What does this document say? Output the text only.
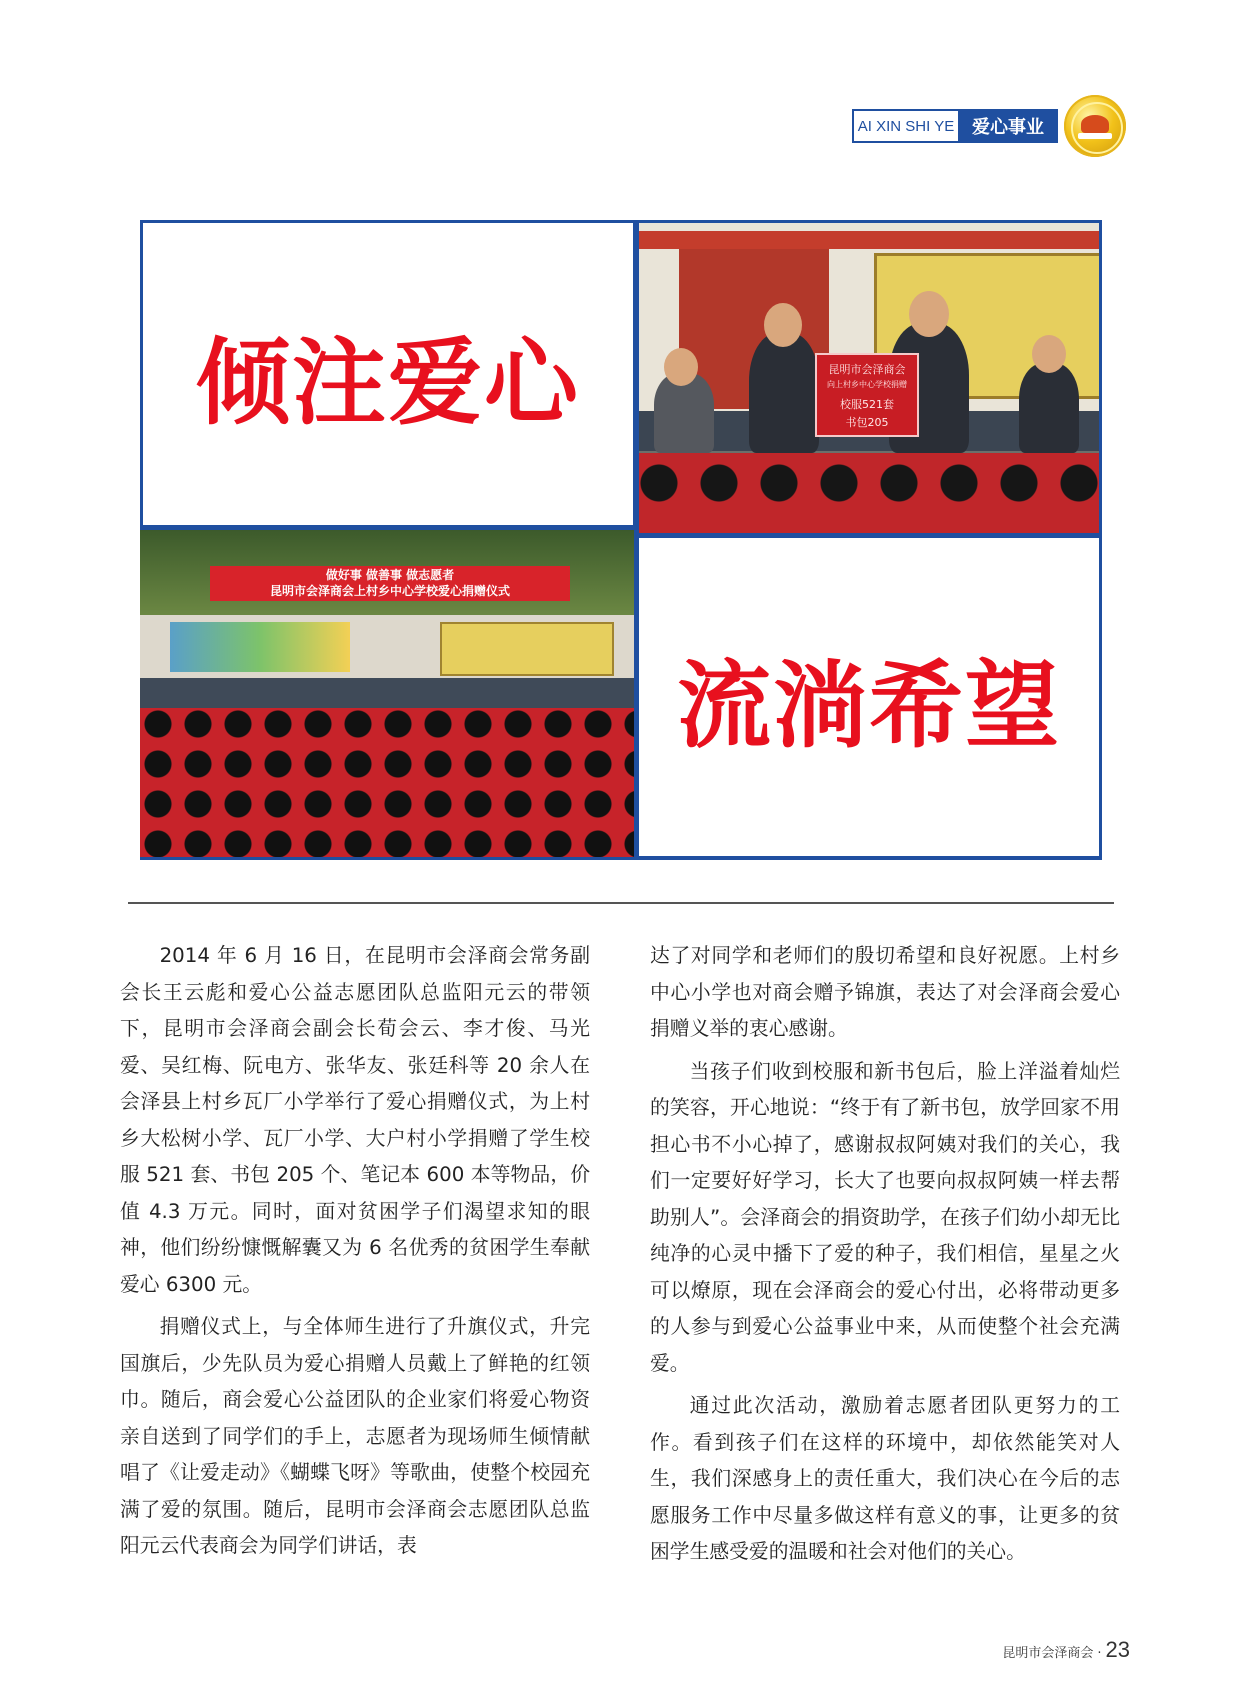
AI XIN SHI YE 爱心事业
倾注爱心	昆明市会泽商会
向上村乡中心学校捐赠
校服521套
书包205
做好事 做善事 做志愿者
昆明市会泽商会上村乡中心学校爱心捐赠仪式
流淌希望

2014 年 6 月 16 日，在昆明市会泽商会常务副会长王云彪和爱心公益志愿团队总监阳元云的带领下，昆明市会泽商会副会长荀会云、李才俊、马光爱、吴红梅、阮电方、张华友、张廷科等 20 余人在会泽县上村乡瓦厂小学举行了爱心捐赠仪式，为上村乡大松树小学、瓦厂小学、大户村小学捐赠了学生校服 521 套、书包 205 个、笔记本 600 本等物品，价值 4.3 万元。同时，面对贫困学子们渴望求知的眼神，他们纷纷慷慨解囊又为 6 名优秀的贫困学生奉献爱心 6300 元。

捐赠仪式上，与全体师生进行了升旗仪式，升完国旗后，少先队员为爱心捐赠人员戴上了鲜艳的红领巾。随后，商会爱心公益团队的企业家们将爱心物资亲自送到了同学们的手上，志愿者为现场师生倾情献唱了《让爱走动》《蝴蝶飞呀》等歌曲，使整个校园充满了爱的氛围。随后，昆明市会泽商会志愿团队总监阳元云代表商会为同学们讲话，表

达了对同学和老师们的殷切希望和良好祝愿。上村乡中心小学也对商会赠予锦旗，表达了对会泽商会爱心捐赠义举的衷心感谢。

当孩子们收到校服和新书包后，脸上洋溢着灿烂的笑容，开心地说：“终于有了新书包，放学回家不用担心书不小心掉了，感谢叔叔阿姨对我们的关心，我们一定要好好学习，长大了也要向叔叔阿姨一样去帮助别人”。会泽商会的捐资助学，在孩子们幼小却无比纯净的心灵中播下了爱的种子，我们相信，星星之火可以燎原，现在会泽商会的爱心付出，必将带动更多的人参与到爱心公益事业中来，从而使整个社会充满爱。

通过此次活动，激励着志愿者团队更努力的工作。看到孩子们在这样的环境中，却依然能笑对人生，我们深感身上的责任重大，我们决心在今后的志愿服务工作中尽量多做这样有意义的事，让更多的贫困学生感受爱的温暖和社会对他们的关心。

昆明市会泽商会 · 23
